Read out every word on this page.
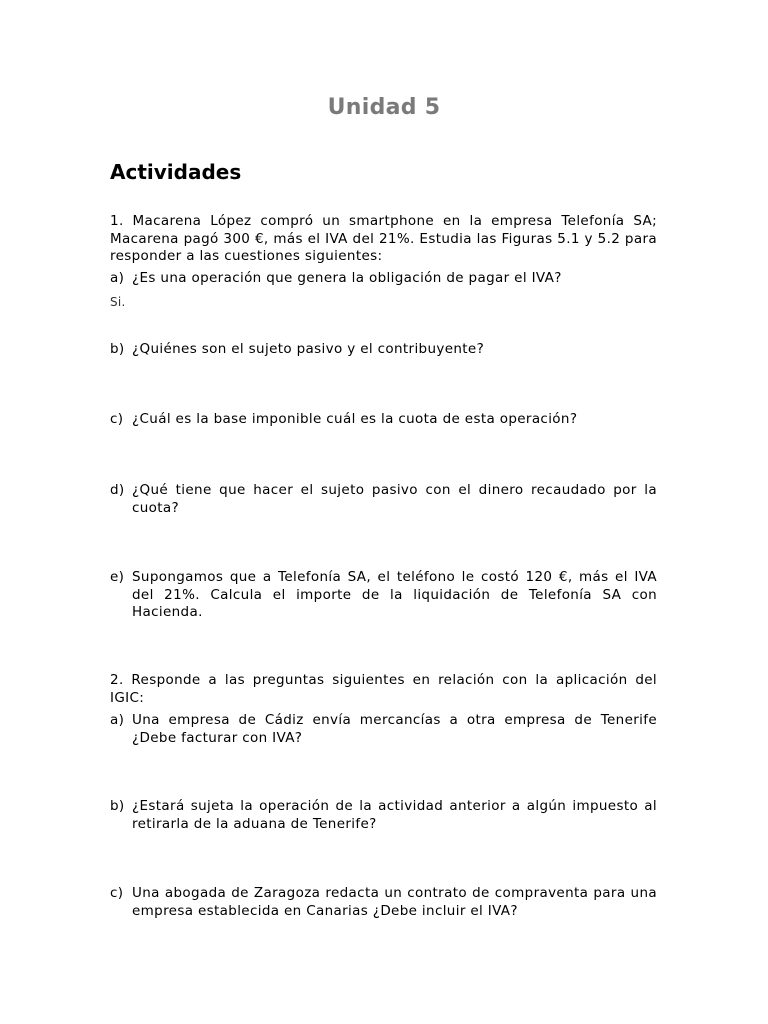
Unidad 5
Actividades
1. Macarena López compró un smartphone en la empresa Telefonía SA; Macarena pagó 300 €, más el IVA del 21%. Estudia las Figuras 5.1 y 5.2 para responder a las cuestiones siguientes:
a) ¿Es una operación que genera la obligación de pagar el IVA?
Si.
b) ¿Quiénes son el sujeto pasivo y el contribuyente?
c) ¿Cuál es la base imponible cuál es la cuota de esta operación?
d) ¿Qué tiene que hacer el sujeto pasivo con el dinero recaudado por la cuota?
e) Supongamos que a Telefonía SA, el teléfono le costó 120 €, más el IVA del 21%. Calcula el importe de la liquidación de Telefonía SA con Hacienda.
2. Responde a las preguntas siguientes en relación con la aplicación del IGIC:
a) Una empresa de Cádiz envía mercancías a otra empresa de Tenerife ¿Debe facturar con IVA?
b) ¿Estará sujeta la operación de la actividad anterior a algún impuesto al retirarla de la aduana de Tenerife?
c) Una abogada de Zaragoza redacta un contrato de compraventa para una empresa establecida en Canarias ¿Debe incluir el IVA?
